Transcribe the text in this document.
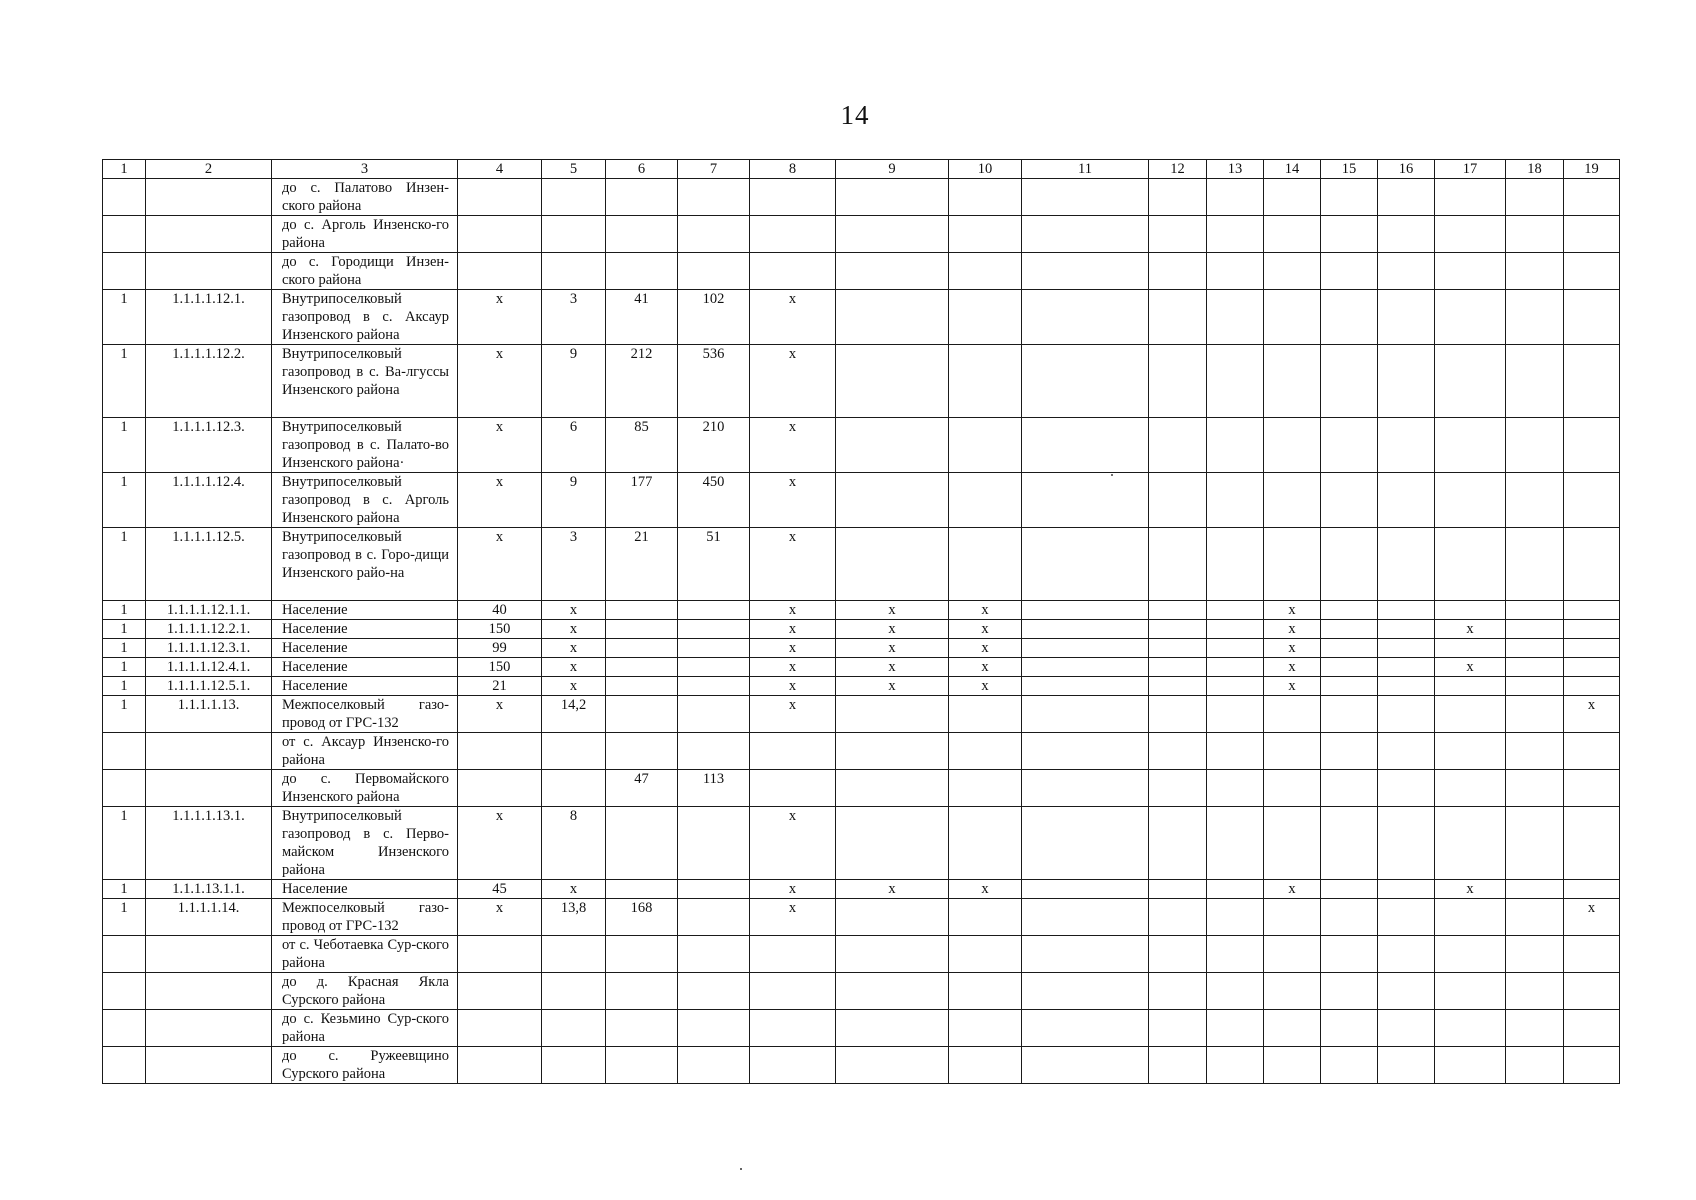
14
1	2	3	4	5	6	7	8	9	10	11	12	13	14	15	16	17	18	19
		до с. Палатово Инзен-ского района																
		до с. Арголь Инзенско-го района																
		до с. Городищи Инзен-ского района																
1	1.1.1.1.12.1.	Внутрипоселковый газопровод в с. Аксаур Инзенского района	x	3	41	102	x											
1	1.1.1.1.12.2.	Внутрипоселковый газопровод в с. Ва-лгуссы Инзенского района	x	9	212	536	x											
1	1.1.1.1.12.3.	Внутрипоселковый газопровод в с. Палато-во Инзенского района·	x	6	85	210	x											
1	1.1.1.1.12.4.	Внутрипоселковый газопровод в с. Арголь Инзенского района	x	9	177	450	x											
1	1.1.1.1.12.5.	Внутрипоселковый газопровод в с. Горо-дищи Инзенского райо-на	x	3	21	51	x											
1	1.1.1.1.12.1.1.	Население	40	x			x	x	x				x					
1	1.1.1.1.12.2.1.	Население	150	x			x	x	x				x			x		
1	1.1.1.1.12.3.1.	Население	99	x			x	x	x				x					
1	1.1.1.1.12.4.1.	Население	150	x			x	x	x				x			x		
1	1.1.1.1.12.5.1.	Население	21	x			x	x	x				x					
1	1.1.1.1.13.	Межпоселковый газо-провод от ГРС-132	x	14,2			x											x
		от с. Аксаур Инзенско-го района																
		до с. Первомайского Инзенского района			47	113												
1	1.1.1.1.13.1.	Внутрипоселковый газопровод в с. Перво-майском Инзенского района	x	8			x											
1	1.1.1.13.1.1.	Население	45	x			x	x	x				x			x		
1	1.1.1.1.14.	Межпоселковый газо-провод от ГРС-132	x	13,8	168		x											x
		от с. Чеботаевка Сур-ского района																
		до д. Красная Якла Сурского района																
		до с. Кезьмино Сур-ского района																
		до с. Ружеевщино Сурского района																
